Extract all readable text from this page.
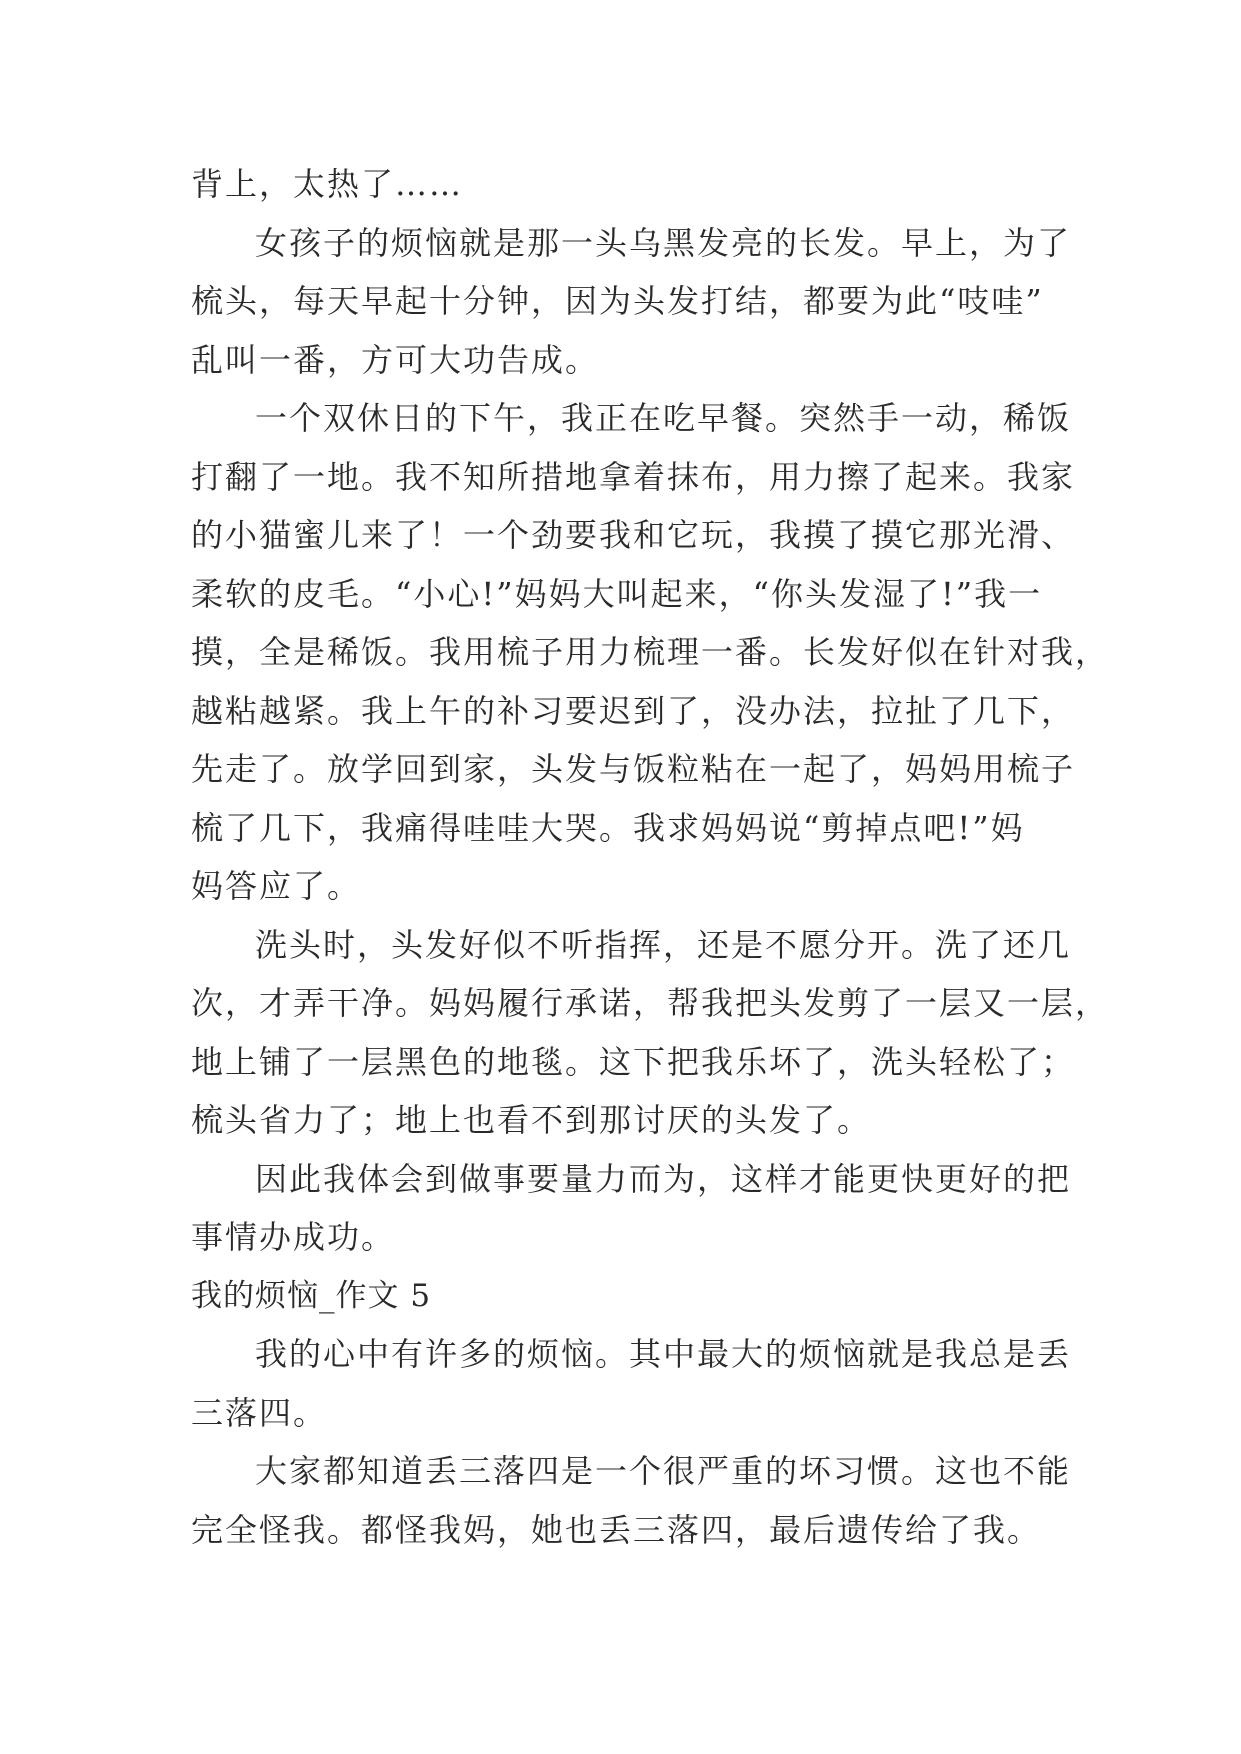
背上，太热了……
女孩子的烦恼就是那一头乌黑发亮的长发。早上，为了
梳头，每天早起十分钟，因为头发打结，都要为此“吱哇”
乱叫一番，方可大功告成。
一个双休日的下午，我正在吃早餐。突然手一动，稀饭
打翻了一地。我不知所措地拿着抹布，用力擦了起来。我家
的小猫蜜儿来了！一个劲要我和它玩，我摸了摸它那光滑、
柔软的皮毛。“小心!”妈妈大叫起来，“你头发湿了!”我一
摸，全是稀饭。我用梳子用力梳理一番。长发好似在针对我，
越粘越紧。我上午的补习要迟到了，没办法，拉扯了几下，
先走了。放学回到家，头发与饭粒粘在一起了，妈妈用梳子
梳了几下，我痛得哇哇大哭。我求妈妈说“剪掉点吧!”妈
妈答应了。
洗头时，头发好似不听指挥，还是不愿分开。洗了还几
次，才弄干净。妈妈履行承诺，帮我把头发剪了一层又一层，
地上铺了一层黑色的地毯。这下把我乐坏了，洗头轻松了；
梳头省力了；地上也看不到那讨厌的头发了。
因此我体会到做事要量力而为，这样才能更快更好的把
事情办成功。
我的烦恼_作文 5
我的心中有许多的烦恼。其中最大的烦恼就是我总是丢
三落四。
大家都知道丢三落四是一个很严重的坏习惯。这也不能
完全怪我。都怪我妈，她也丢三落四，最后遗传给了我。
